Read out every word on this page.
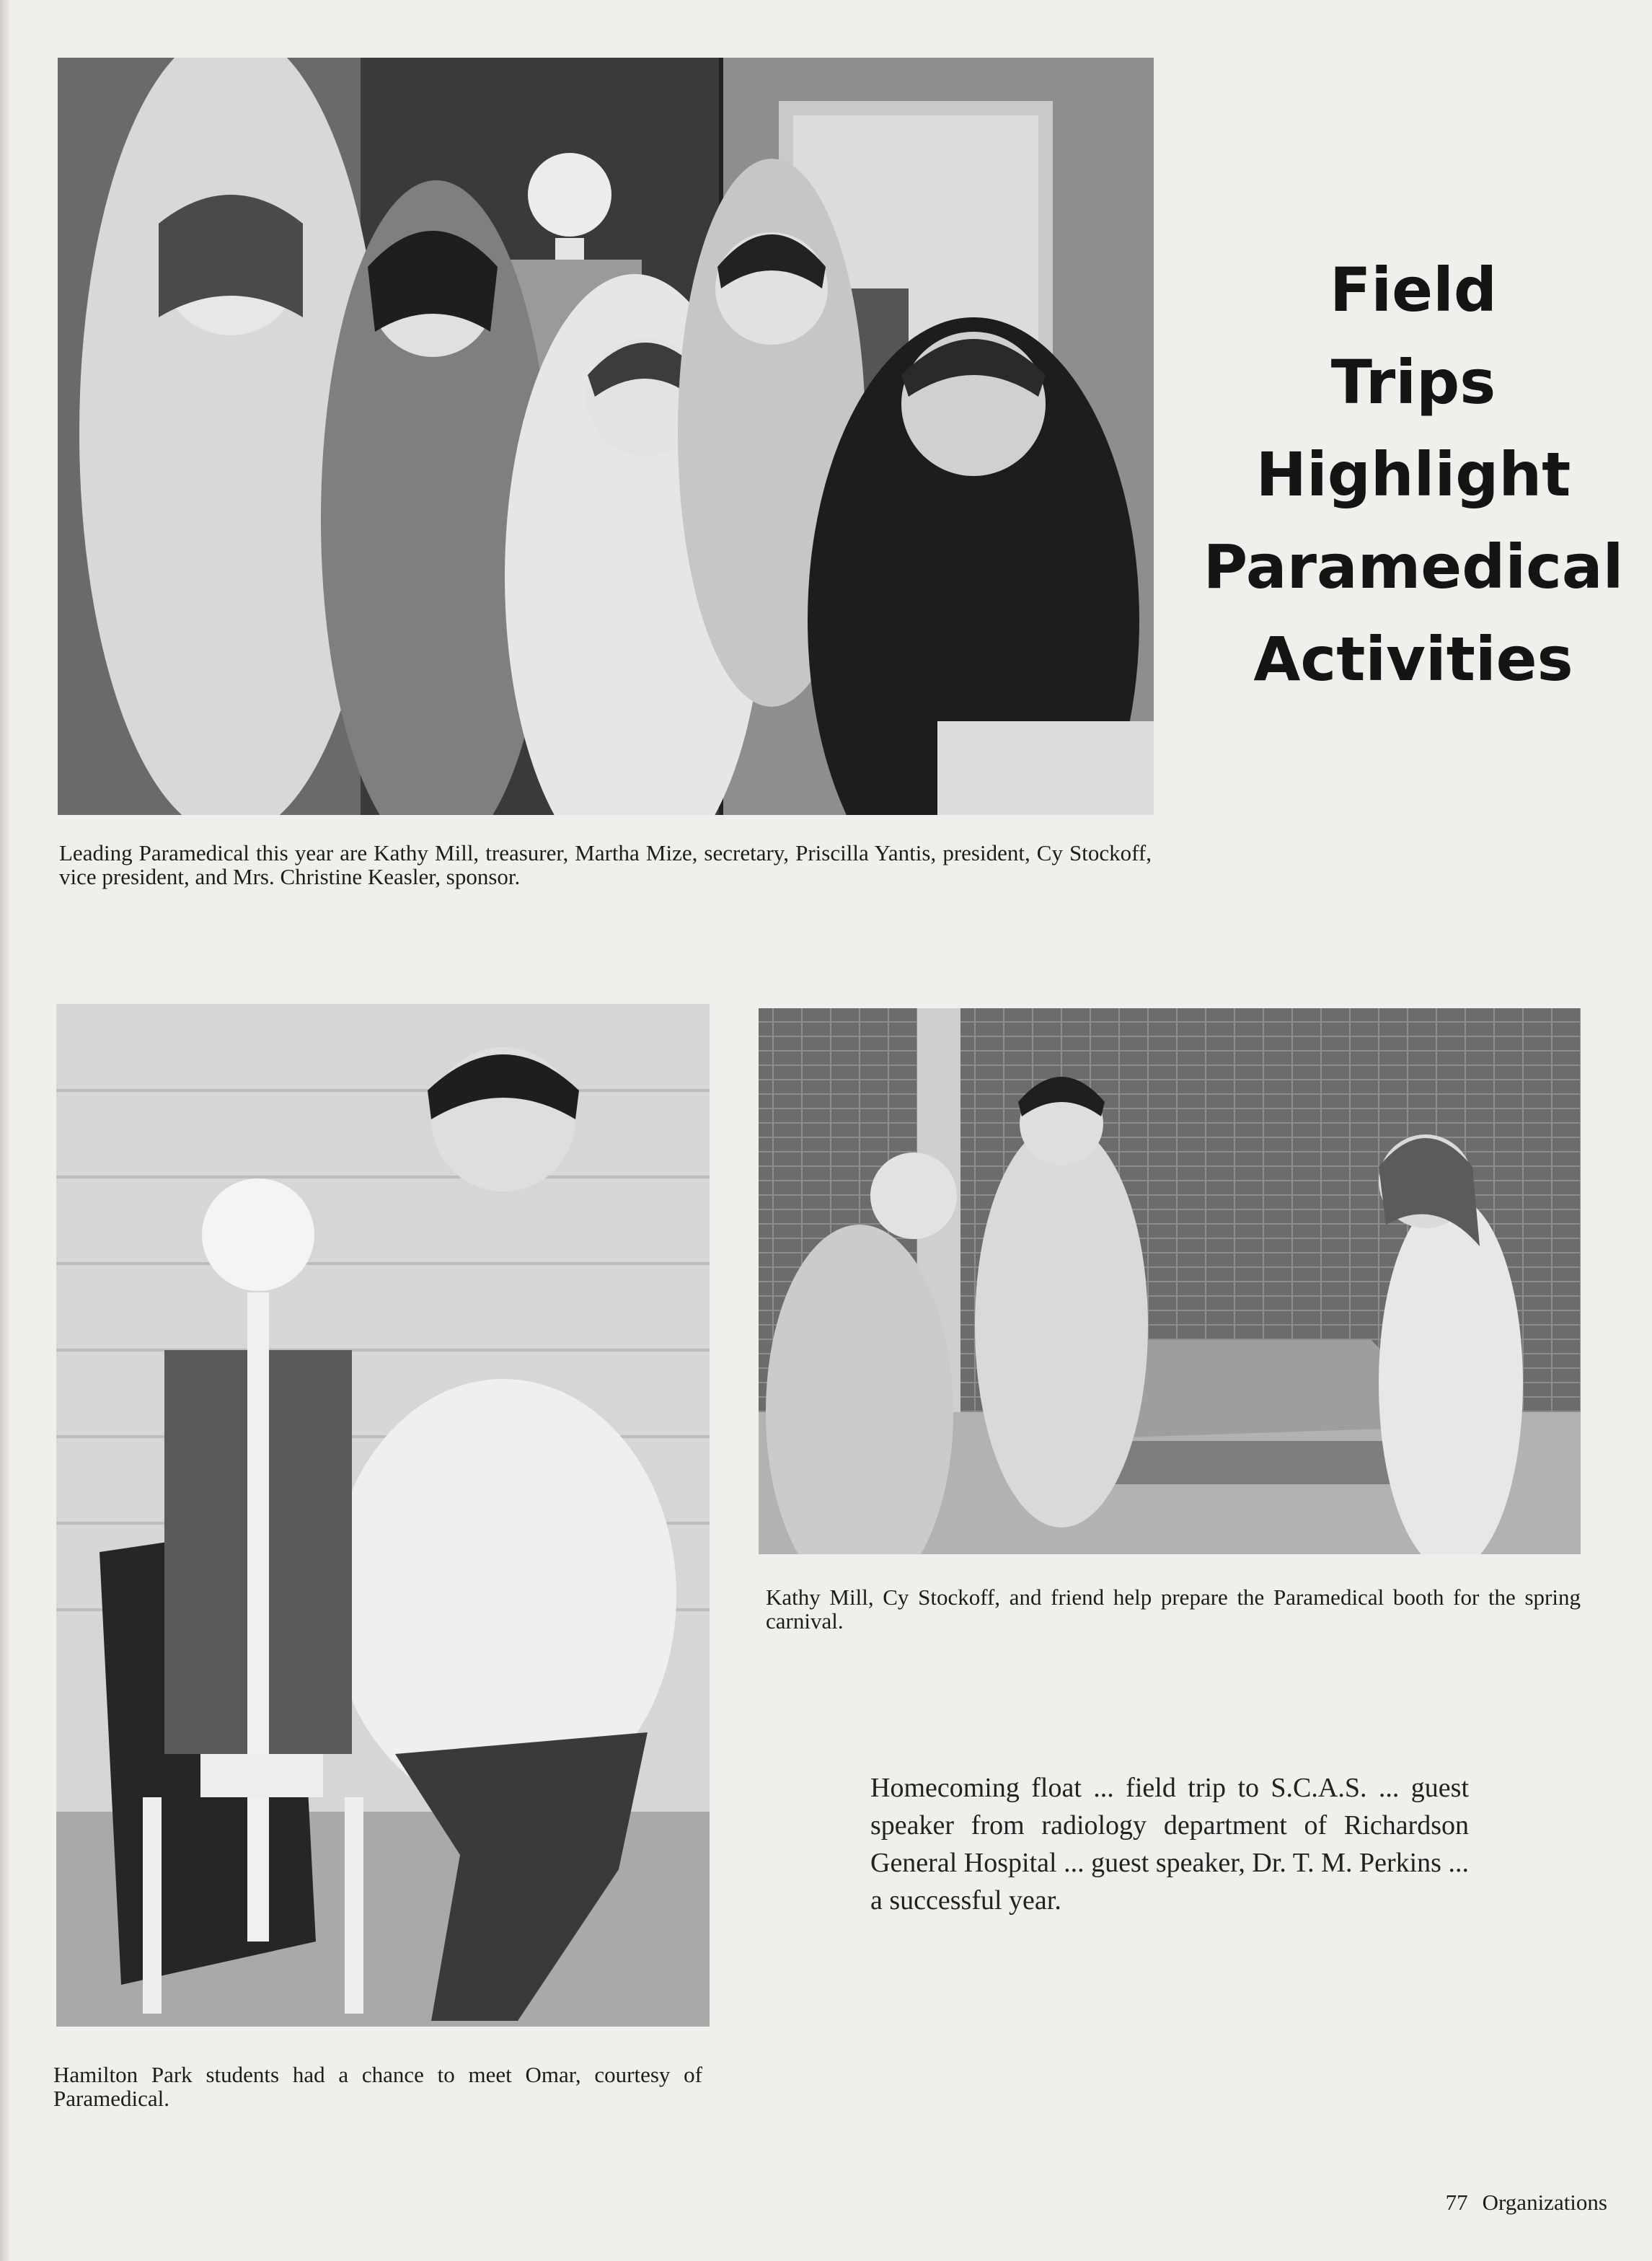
Leading Paramedical this year are Kathy Mill, treasurer, Martha Mize, secretary, Priscilla Yantis, president, Cy Stockoff, vice president, and Mrs. Christine Keasler, sponsor.
Field
Trips
Highlight
Paramedical
Activities
Hamilton Park students had a chance to meet Omar, courtesy of Paramedical.
Kathy Mill, Cy Stockoff, and friend help prepare the Paramedical booth for the spring carnival.
Homecoming float ... field trip to S.C.A.S. ... guest speaker from radiology department of Richardson General Hospital ... guest speaker, Dr. T. M. Perkins ... a successful year.
77 Organizations
